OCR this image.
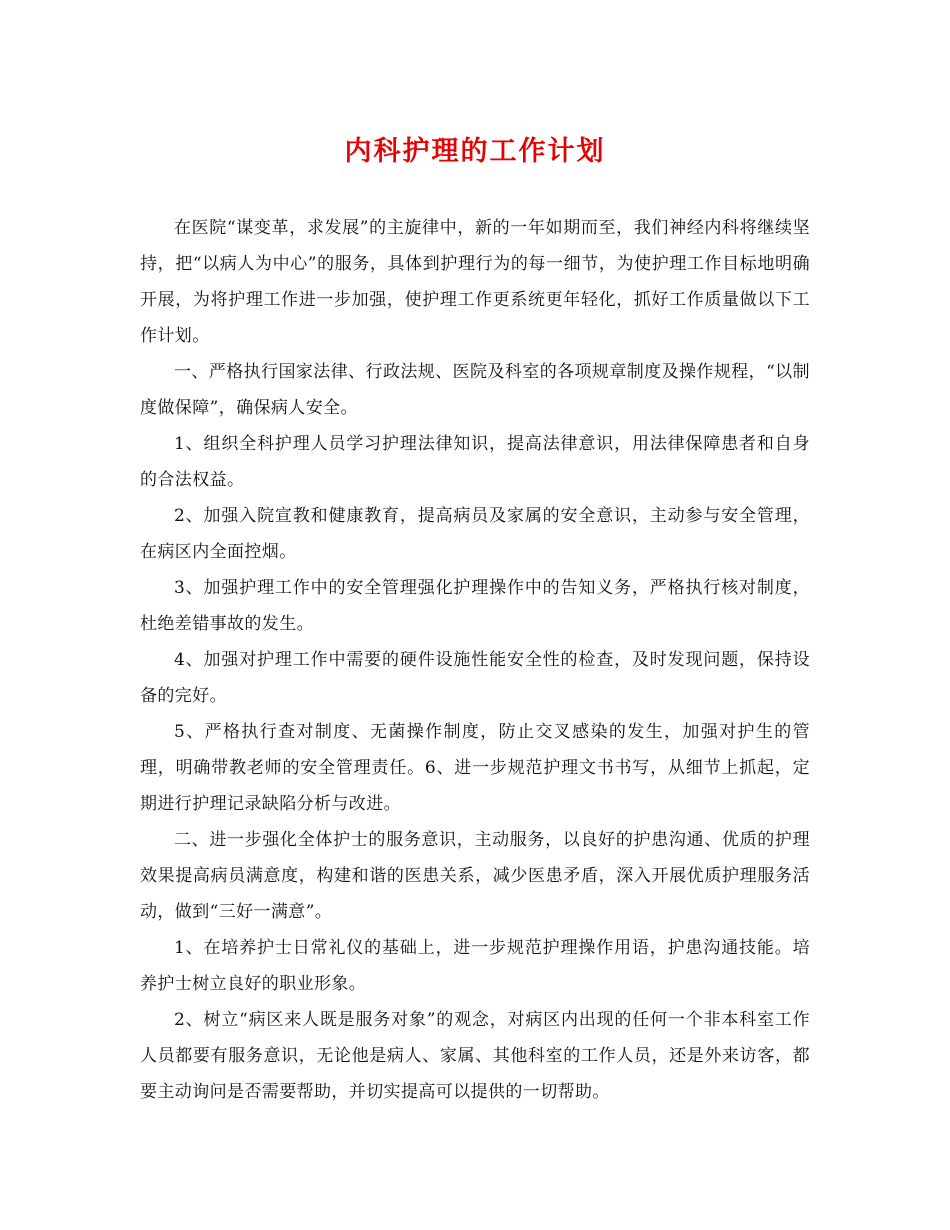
内科护理的工作计划

在医院“谋变革，求发展”的主旋律中，新的一年如期而至，我们神经内科将继续坚持，把“以病人为中心”的服务，具体到护理行为的每一细节，为使护理工作目标地明确开展，为将护理工作进一步加强，使护理工作更系统更年轻化，抓好工作质量做以下工作计划。

一、严格执行国家法律、行政法规、医院及科室的各项规章制度及操作规程，“以制度做保障”，确保病人安全。

1、组织全科护理人员学习护理法律知识，提高法律意识，用法律保障患者和自身的合法权益。

2、加强入院宣教和健康教育，提高病员及家属的安全意识，主动参与安全管理，在病区内全面控烟。

3、加强护理工作中的安全管理强化护理操作中的告知义务，严格执行核对制度，杜绝差错事故的发生。

4、加强对护理工作中需要的硬件设施性能安全性的检查，及时发现问题，保持设备的完好。

5、严格执行查对制度、无菌操作制度，防止交叉感染的发生，加强对护生的管理，明确带教老师的安全管理责任。6、进一步规范护理文书书写，从细节上抓起，定期进行护理记录缺陷分析与改进。

二、进一步强化全体护士的服务意识，主动服务，以良好的护患沟通、优质的护理效果提高病员满意度，构建和谐的医患关系，减少医患矛盾，深入开展优质护理服务活动，做到“三好一满意”。

1、在培养护士日常礼仪的基础上，进一步规范护理操作用语，护患沟通技能。培养护士树立良好的职业形象。

2、树立“病区来人既是服务对象”的观念，对病区内出现的任何一个非本科室工作人员都要有服务意识，无论他是病人、家属、其他科室的工作人员，还是外来访客，都要主动询问是否需要帮助，并切实提高可以提供的一切帮助。
